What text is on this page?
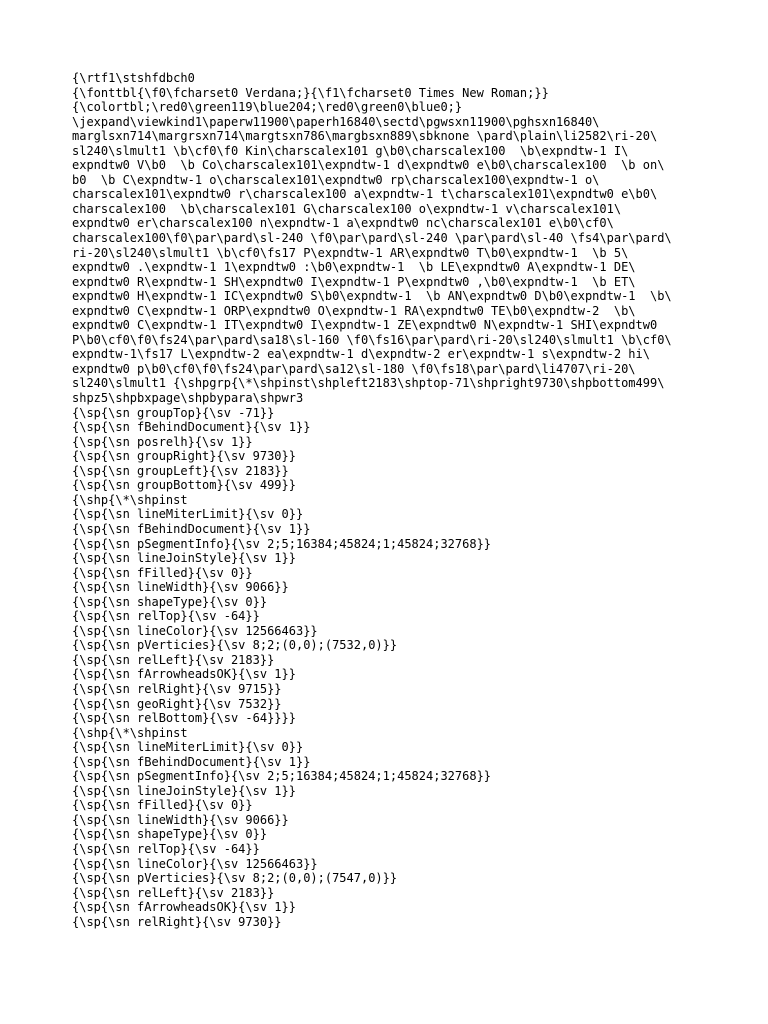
{\rtf1\stshfdbch0
{\fonttbl{\f0\fcharset0 Verdana;}{\f1\fcharset0 Times New Roman;}}
{\colortbl;\red0\green119\blue204;\red0\green0\blue0;}
\jexpand\viewkind1\paperw11900\paperh16840\sectd\pgwsxn11900\pghsxn16840\
marglsxn714\margrsxn714\margtsxn786\margbsxn889\sbknone \pard\plain\li2582\ri-20\
sl240\slmult1 \b\cf0\f0 Kin\charscalex101 g\b0\charscalex100  \b\expndtw-1 I\
expndtw0 V\b0  \b Co\charscalex101\expndtw-1 d\expndtw0 e\b0\charscalex100  \b on\
b0  \b C\expndtw-1 o\charscalex101\expndtw0 rp\charscalex100\expndtw-1 o\
charscalex101\expndtw0 r\charscalex100 a\expndtw-1 t\charscalex101\expndtw0 e\b0\
charscalex100  \b\charscalex101 G\charscalex100 o\expndtw-1 v\charscalex101\
expndtw0 er\charscalex100 n\expndtw-1 a\expndtw0 nc\charscalex101 e\b0\cf0\
charscalex100\f0\par\pard\sl-240 \f0\par\pard\sl-240 \par\pard\sl-40 \fs4\par\pard\
ri-20\sl240\slmult1 \b\cf0\fs17 P\expndtw-1 AR\expndtw0 T\b0\expndtw-1  \b 5\
expndtw0 .\expndtw-1 1\expndtw0 :\b0\expndtw-1  \b LE\expndtw0 A\expndtw-1 DE\
expndtw0 R\expndtw-1 SH\expndtw0 I\expndtw-1 P\expndtw0 ,\b0\expndtw-1  \b ET\
expndtw0 H\expndtw-1 IC\expndtw0 S\b0\expndtw-1  \b AN\expndtw0 D\b0\expndtw-1  \b\
expndtw0 C\expndtw-1 ORP\expndtw0 O\expndtw-1 RA\expndtw0 TE\b0\expndtw-2  \b\
expndtw0 C\expndtw-1 IT\expndtw0 I\expndtw-1 ZE\expndtw0 N\expndtw-1 SHI\expndtw0
P\b0\cf0\f0\fs24\par\pard\sa18\sl-160 \f0\fs16\par\pard\ri-20\sl240\slmult1 \b\cf0\
expndtw-1\fs17 L\expndtw-2 ea\expndtw-1 d\expndtw-2 er\expndtw-1 s\expndtw-2 hi\
expndtw0 p\b0\cf0\f0\fs24\par\pard\sa12\sl-180 \f0\fs18\par\pard\li4707\ri-20\
sl240\slmult1 {\shpgrp{\*\shpinst\shpleft2183\shptop-71\shpright9730\shpbottom499\
shpz5\shpbxpage\shpbypara\shpwr3
{\sp{\sn groupTop}{\sv -71}}
{\sp{\sn fBehindDocument}{\sv 1}}
{\sp{\sn posrelh}{\sv 1}}
{\sp{\sn groupRight}{\sv 9730}}
{\sp{\sn groupLeft}{\sv 2183}}
{\sp{\sn groupBottom}{\sv 499}}
{\shp{\*\shpinst
{\sp{\sn lineMiterLimit}{\sv 0}}
{\sp{\sn fBehindDocument}{\sv 1}}
{\sp{\sn pSegmentInfo}{\sv 2;5;16384;45824;1;45824;32768}}
{\sp{\sn lineJoinStyle}{\sv 1}}
{\sp{\sn fFilled}{\sv 0}}
{\sp{\sn lineWidth}{\sv 9066}}
{\sp{\sn shapeType}{\sv 0}}
{\sp{\sn relTop}{\sv -64}}
{\sp{\sn lineColor}{\sv 12566463}}
{\sp{\sn pVerticies}{\sv 8;2;(0,0);(7532,0)}}
{\sp{\sn relLeft}{\sv 2183}}
{\sp{\sn fArrowheadsOK}{\sv 1}}
{\sp{\sn relRight}{\sv 9715}}
{\sp{\sn geoRight}{\sv 7532}}
{\sp{\sn relBottom}{\sv -64}}}}
{\shp{\*\shpinst
{\sp{\sn lineMiterLimit}{\sv 0}}
{\sp{\sn fBehindDocument}{\sv 1}}
{\sp{\sn pSegmentInfo}{\sv 2;5;16384;45824;1;45824;32768}}
{\sp{\sn lineJoinStyle}{\sv 1}}
{\sp{\sn fFilled}{\sv 0}}
{\sp{\sn lineWidth}{\sv 9066}}
{\sp{\sn shapeType}{\sv 0}}
{\sp{\sn relTop}{\sv -64}}
{\sp{\sn lineColor}{\sv 12566463}}
{\sp{\sn pVerticies}{\sv 8;2;(0,0);(7547,0)}}
{\sp{\sn relLeft}{\sv 2183}}
{\sp{\sn fArrowheadsOK}{\sv 1}}
{\sp{\sn relRight}{\sv 9730}}
